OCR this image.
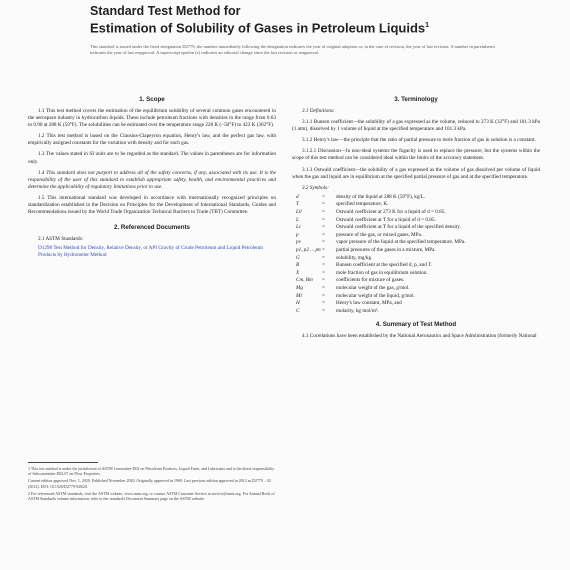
Standard Test Method for
Estimation of Solubility of Gases in Petroleum Liquids$^1$
This standard is issued under the fixed designation D2779; the number immediately following the designation indicates the year of original adoption or, in the case of revision, the year of last revision. A number in parentheses indicates the year of last reapproval. A superscript epsilon (ε) indicates an editorial change since the last revision or reapproval.
1. Scope

1.1 This test method covers the estimation of the equilibrium solubility of several common gases encountered in the aerospace industry in hydrocarbon liquids. These include petroleum fractions with densities in the range from 0.63 to 0.90 at 288 K (59°F). The solubilities can be estimated over the temperature range 228 K (−50°F) to 423 K (302°F).

1.2 This test method is based on the Clausius-Clapeyron equation, Henry's law, and the perfect gas law, with empirically assigned constants for the variation with density and for each gas.

1.3 The values stated in SI units are to be regarded as the standard. The values in parentheses are for information only.

1.4 This standard does not purport to address all of the safety concerns, if any, associated with its use. It is the responsibility of the user of this standard to establish appropriate safety, health, and environmental practices and determine the applicability of regulatory limitations prior to use.

1.5 This international standard was developed in accordance with internationally recognized principles on standardization established in the Decision on Principles for the Development of International Standards, Guides and Recommendations issued by the World Trade Organization Technical Barriers to Trade (TBT) Committee.

2. Referenced Documents
2.1 ASTM Standards:
D1298 Test Method for Density, Relative Density, or API Gravity of Crude Petroleum and Liquid Petroleum Products by Hydrometer Method

1 This test method is under the jurisdiction of ASTM Committee D02 on Petroleum Products, Liquid Fuels, and Lubricants and is the direct responsibility of Subcommittee D02.07 on Flow Properties.

Current edition approved Nov. 1, 2020. Published November 2020. Originally approved in 1969. Last previous edition approved in 2012 as D2779 – 92 (2012). DOI: 10.1520/D2779-92R20.

2 For referenced ASTM standards, visit the ASTM website, www.astm.org, or contact ASTM Customer Service at service@astm.org. For Annual Book of ASTM Standards volume information, refer to the standard's Document Summary page on the ASTM website.

3. Terminology

3.1 Definitions:

3.1.1 Bunsen coefficient—the solubility of a gas expressed as the volume, reduced to 273 K (32°F) and 101.3 kPa (1 atm), dissolved by 1 volume of liquid at the specified temperature and 101.3 kPa.

3.1.2 Henry's law—the principle that the ratio of partial pressure to mole fraction of gas in solution is a constant.

3.1.2.1 Discussion—In non-ideal systems the fugacity is used to replace the pressure, but the systems within the scope of this test method can be considered ideal within the limits of the accuracy statement.

3.1.3 Ostwald coefficient—the solubility of a gas expressed as the volume of gas dissolved per volume of liquid when the gas and liquid are in equilibrium at the specified partial pressure of gas and at the specified temperature.

3.2 Symbols:
d	=	density of the liquid at 288 K (59°F), kg/L.
T	=	specified temperature, K.
L0	=	Ostwald coefficient at 273 K for a liquid of d = 0.85.
L	=	Ostwald coefficient at T for a liquid of d = 0.85.
Lc	=	Ostwald coefficient at T for a liquid of the specified density.
p	=	pressure of the gas, or mixed gases, MPa.
pv	=	vapor pressure of the liquid at the specified temperature, MPa.
p1, p2 ... pn =	partial pressures of the gases in a mixture, MPa.
G	=	solubility, mg/kg.
B	=	Bunsen coefficient at the specified d, p, and T.
X	=	mole fraction of gas in equilibrium solution.
Cm, Bm	=	coefficients for mixture of gases.
Mg	=	molecular weight of the gas, g/mol.
Ml	=	molecular weight of the liquid, g/mol.
H	=	Henry's law constant, MPa, and
C	=	molarity, kg mol/m³.
4. Summary of Test Method

4.1 Correlations have been established by the National Aeronautics and Space Administration (formerly National
